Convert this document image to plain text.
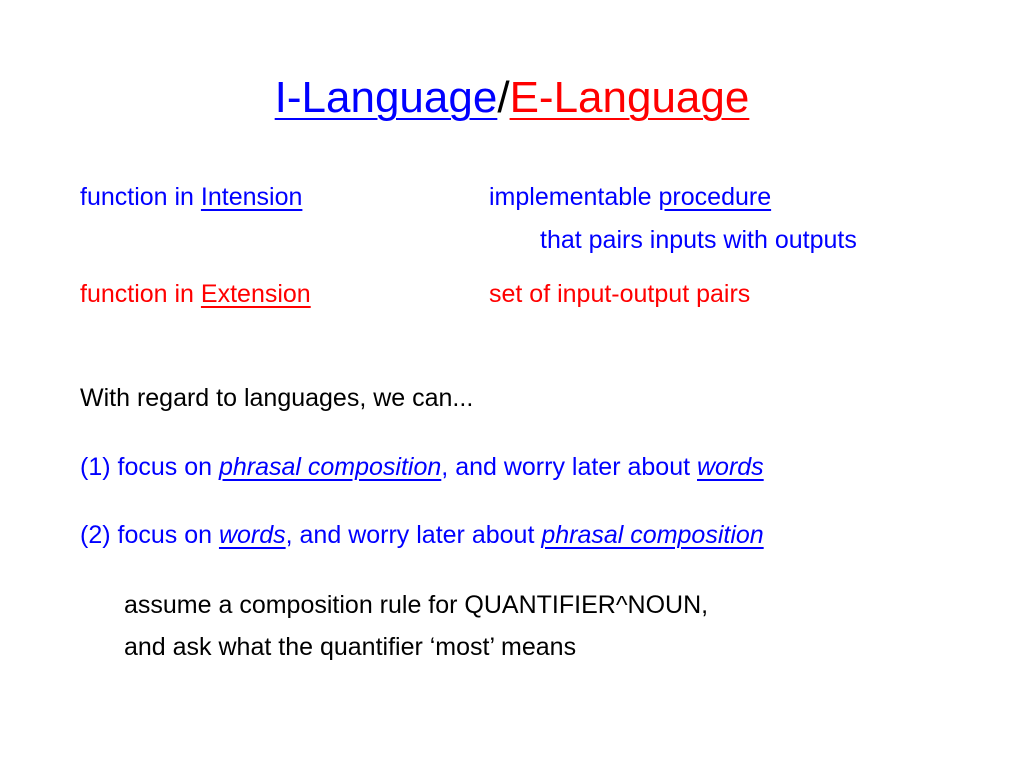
I-Language/E-Language
function in Intension	implementable procedure
that pairs inputs with outputs
function in Extension	set of input-output pairs
With regard to languages, we can...
(1) focus on phrasal composition, and worry later about words
(2) focus on words, and worry later about phrasal composition
assume a composition rule for QUANTIFIER^NOUN,
and ask what the quantifier ‘most’ means
